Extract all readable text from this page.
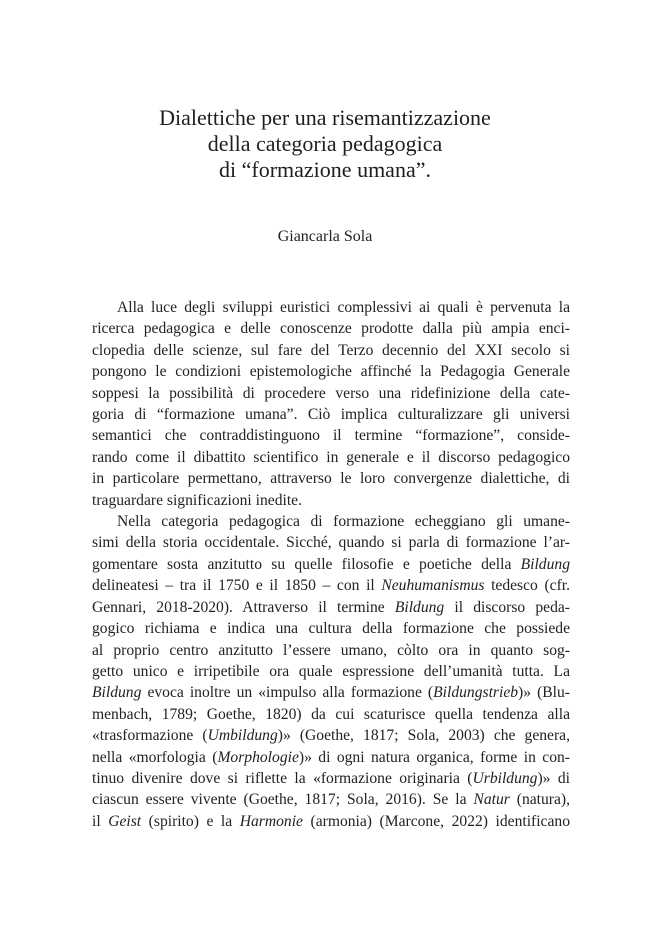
Dialettiche per una risemantizzazione
della categoria pedagogica
di “formazione umana”.
Giancarla Sola
Alla luce degli sviluppi euristici complessivi ai quali è pervenuta la
ricerca pedagogica e delle conoscenze prodotte dalla più ampia enci-
clopedia delle scienze, sul fare del Terzo decennio del XXI secolo si
pongono le condizioni epistemologiche affinché la Pedagogia Generale
soppesi la possibilità di procedere verso una ridefinizione della cate-
goria di “formazione umana”. Ciò implica culturalizzare gli universi
semantici che contraddistinguono il termine “formazione”, conside-
rando come il dibattito scientifico in generale e il discorso pedagogico
in particolare permettano, attraverso le loro convergenze dialettiche, di
traguardare significazioni inedite.
Nella categoria pedagogica di formazione echeggiano gli umane-
simi della storia occidentale. Sicché, quando si parla di formazione l’ar-
gomentare sosta anzitutto su quelle filosofie e poetiche della Bildung
delineatesi – tra il 1750 e il 1850 – con il Neuhumanismus tedesco (cfr.
Gennari, 2018-2020). Attraverso il termine Bildung il discorso peda-
gogico richiama e indica una cultura della formazione che possiede
al proprio centro anzitutto l’essere umano, còlto ora in quanto sog-
getto unico e irripetibile ora quale espressione dell’umanità tutta. La
Bildung evoca inoltre un «impulso alla formazione (Bildungstrieb)» (Blu-
menbach, 1789; Goethe, 1820) da cui scaturisce quella tendenza alla
«trasformazione (Umbildung)» (Goethe, 1817; Sola, 2003) che genera,
nella «morfologia (Morphologie)» di ogni natura organica, forme in con-
tinuo divenire dove si riflette la «formazione originaria (Urbildung)» di
ciascun essere vivente (Goethe, 1817; Sola, 2016). Se la Natur (natura),
il Geist (spirito) e la Harmonie (armonia) (Marcone, 2022) identificano
